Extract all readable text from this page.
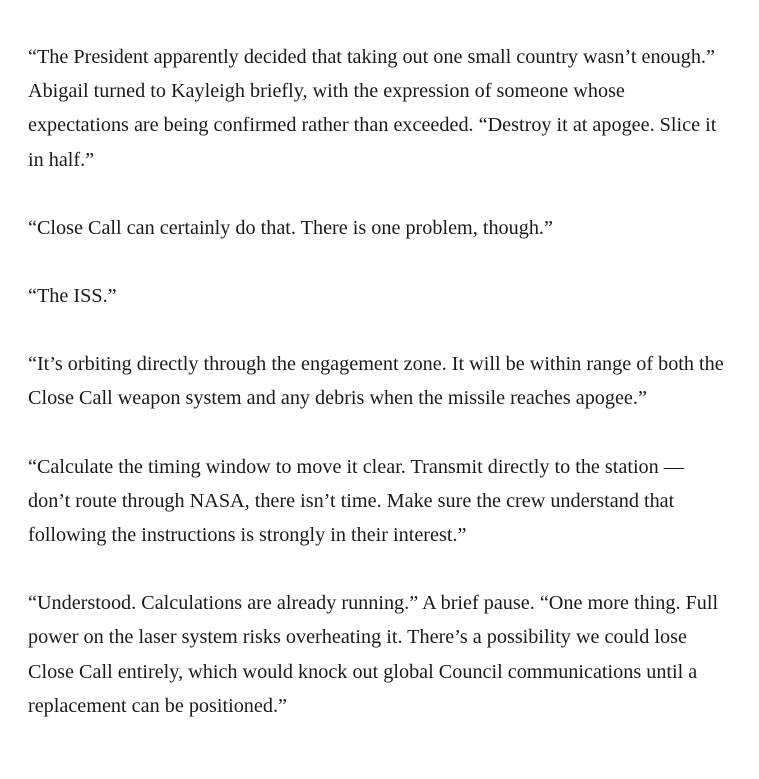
“The President apparently decided that taking out one small country wasn’t enough.” Abigail turned to Kayleigh briefly, with the expression of someone whose expectations are being confirmed rather than exceeded. “Destroy it at apogee. Slice it in half.”

“Close Call can certainly do that. There is one problem, though.”

“The ISS.”

“It’s orbiting directly through the engagement zone. It will be within range of both the Close Call weapon system and any debris when the missile reaches apogee.”

“Calculate the timing window to move it clear. Transmit directly to the station — don’t route through NASA, there isn’t time. Make sure the crew understand that following the instructions is strongly in their interest.”

“Understood. Calculations are already running.” A brief pause. “One more thing. Full power on the laser system risks overheating it. There’s a possibility we could lose Close Call entirely, which would knock out global Council communications until a replacement can be positioned.”
